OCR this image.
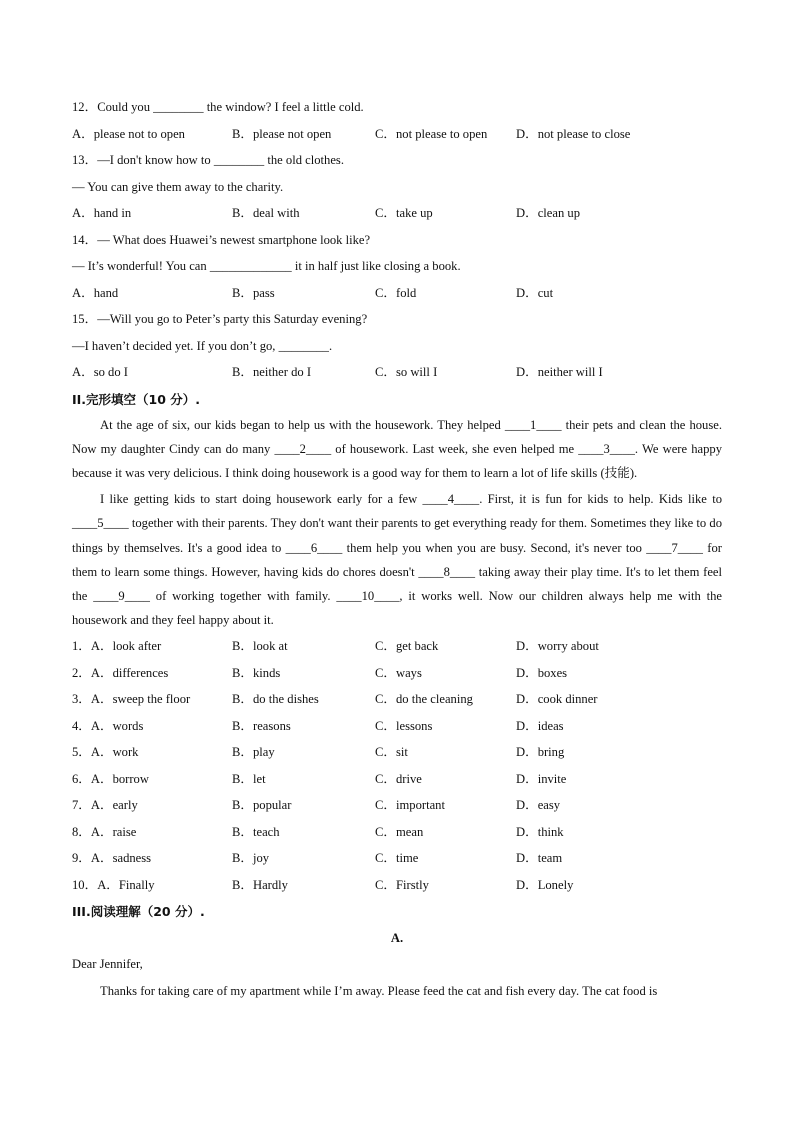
12．Could you ________ the window? I feel a little cold.
A．please not to open	B．please not open	C．not please to open	D．not please to close
13．—I don't know how to ________ the old clothes.
— You can give them away to the charity.
A．hand in	B．deal with	C．take up	D．clean up
14．— What does Huawei’s newest smartphone look like?
— It’s wonderful! You can _____________ it in half just like closing a book.
A．hand	B．pass	C．fold	D．cut
15．—Will you go to Peter’s party this Saturday evening?
—I haven’t decided yet. If you don’t go, ________.
A．so do I	B．neither do I	C．so will I	D．neither will I
II.完形填空（10 分）.

At the age of six, our kids began to help us with the housework. They helped ____1____ their pets and clean the house. Now my daughter Cindy can do many ____2____ of housework. Last week, she even helped me ____3____. We were happy because it was very delicious. I think doing housework is a good way for them to learn a lot of life skills (技能).

I like getting kids to start doing housework early for a few ____4____. First, it is fun for kids to help. Kids like to ____5____ together with their parents. They don't want their parents to get everything ready for them. Sometimes they like to do things by themselves. It's a good idea to ____6____ them help you when you are busy. Second, it's never too ____7____ for them to learn some things. However, having kids do chores doesn't ____8____ taking away their play time. It's to let them feel the ____9____ of working together with family. ____10____, it works well. Now our children always help me with the housework and they feel happy about it.

1．A．look after	B．look at	C．get back	D．worry about
2．A．differences	B．kinds	C．ways	D．boxes
3．A．sweep the floor	B．do the dishes	C．do the cleaning	D．cook dinner
4．A．words	B．reasons	C．lessons	D．ideas
5．A．work	B．play	C．sit	D．bring
6．A．borrow	B．let	C．drive	D．invite
7．A．early	B．popular	C．important	D．easy
8．A．raise	B．teach	C．mean	D．think
9．A．sadness	B．joy	C．time	D．team
10．A．Finally	B．Hardly	C．Firstly	D．Lonely
III.阅读理解（20 分）.
A.
Dear Jennifer,
Thanks for taking care of my apartment while I’m away. Please feed the cat and fish every day. The cat food is
